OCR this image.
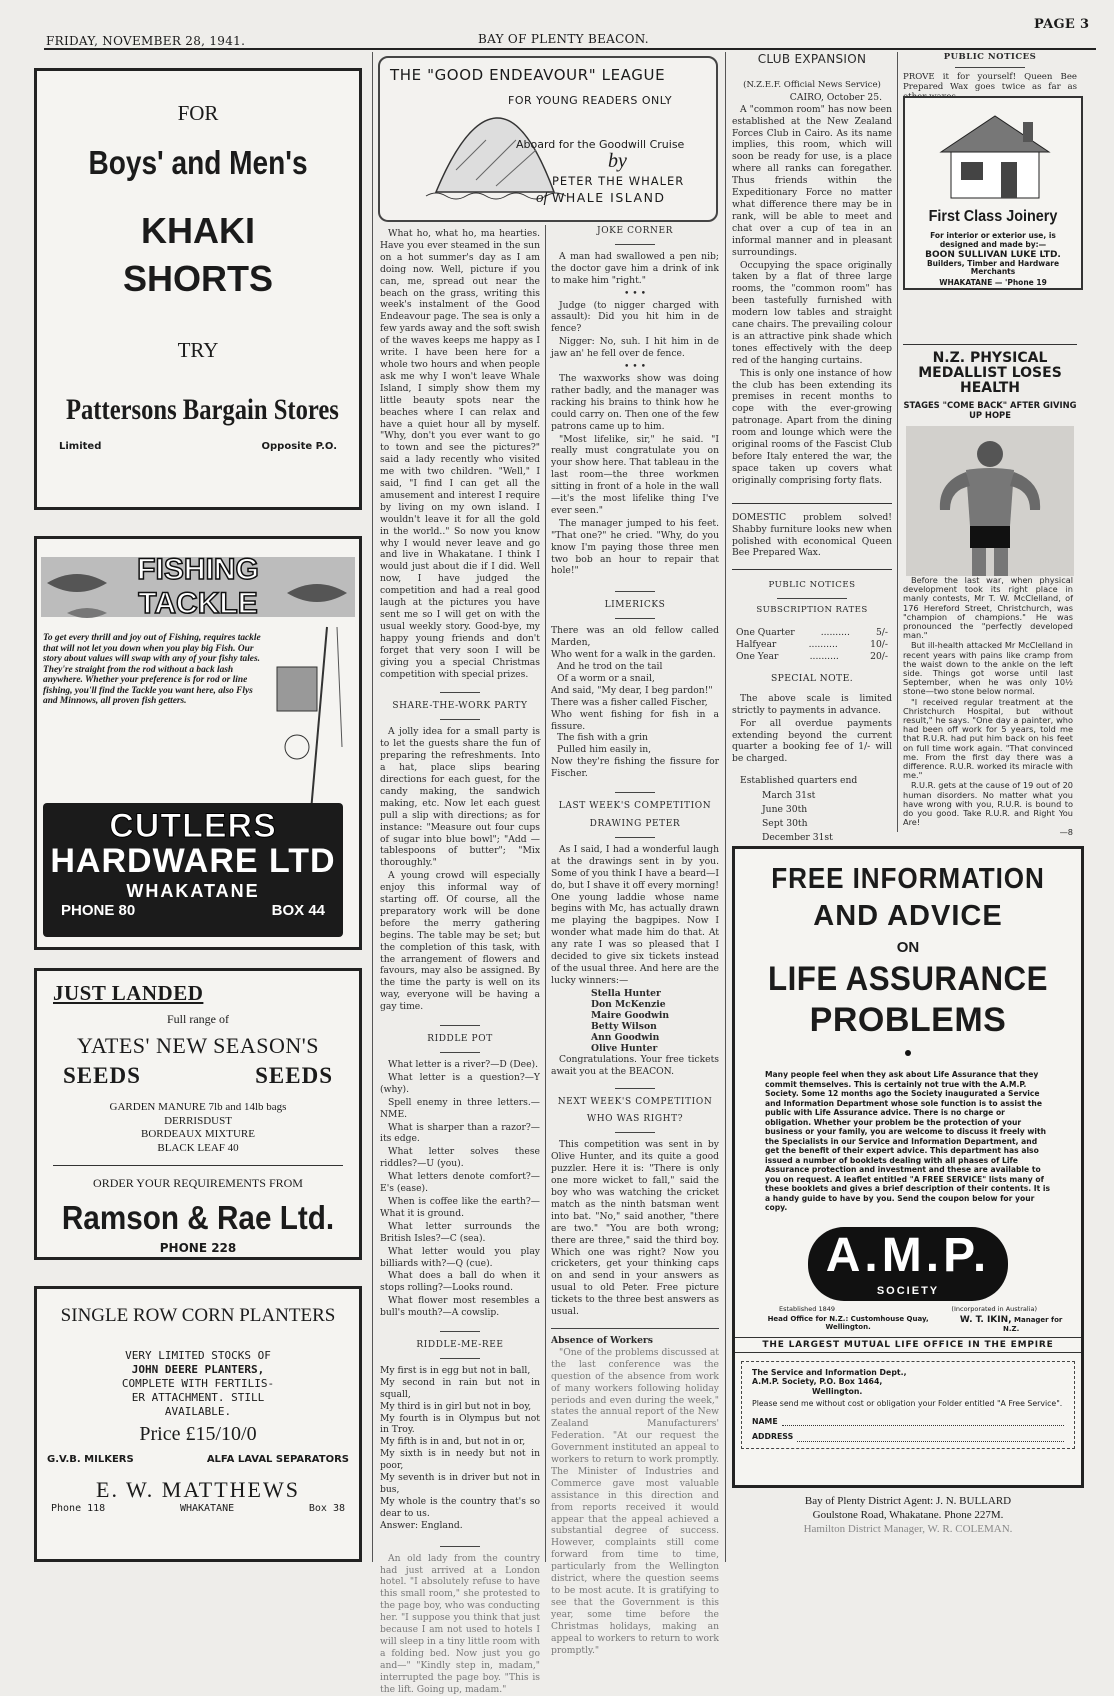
FRIDAY, NOVEMBER 28, 1941.	BAY OF PLENTY BEACON.
PAGE 3
FOR
Boys' and Men's
KHAKI
SHORTS
TRY
Pattersons Bargain Stores
Limited	Opposite P.O.
FISHING
TACKLE
To get every thrill and joy out of Fishing, requires tackle that will not let you down when you play big Fish. Our story about values will swap with any of your fishy tales. They're straight from the rod without a back lash anywhere. Whether your preference is for rod or line fishing, you'll find the Tackle you want here, also Flys and Minnows, all proven fish getters.
CUTLERS
HARDWARE LTD
WHAKATANE
PHONE 80	BOX 44
JUST LANDED
Full range of
YATES' NEW SEASON'S
SEEDS	SEEDS
GARDEN MANURE 7lb and 14lb bags
DERRISDUST
BORDEAUX MIXTURE
BLACK LEAF 40
ORDER YOUR REQUIREMENTS FROM
Ramson & Rae Ltd.
PHONE 228
SINGLE ROW CORN PLANTERS
VERY LIMITED STOCKS OF
JOHN DEERE PLANTERS,
COMPLETE WITH FERTILIS-
ER ATTACHMENT. STILL
AVAILABLE.
Price £15/10/0
G.V.B. MILKERS	ALFA LAVAL SEPARATORS
E. W. MATTHEWS
Phone 118	WHAKATANE	Box 38
THE "GOOD ENDEAVOUR" LEAGUE
FOR YOUNG READERS ONLY
Aboard for the Goodwill Cruise
by
PETER THE WHALER
of WHALE ISLAND

What ho, what ho, ma hearties. Have you ever steamed in the sun on a hot summer's day as I am doing now. Well, picture if you can, me, spread out near the beach on the grass, writing this week's instalment of the Good Endeavour page. The sea is only a few yards away and the soft swish of the waves keeps me happy as I write. I have been here for a whole two hours and when people ask me why I won't leave Whale Island, I simply show them my little beauty spots near the beaches where I can relax and have a quiet hour all by myself. "Why, don't you ever want to go to town and see the pictures?" said a lady recently who visited me with two children. "Well," I said, "I find I can get all the amusement and interest I require by living on my own island. I wouldn't leave it for all the gold in the world.." So now you know why I would never leave and go and live in Whakatane. I think I would just about die if I did. Well now, I have judged the competition and had a real good laugh at the pictures you have sent me so I will get on with the usual weekly story. Good-bye, my happy young friends and don't forget that very soon I will be giving you a special Christmas competition with special prizes.

SHARE-THE-WORK PARTY

A jolly idea for a small party is to let the guests share the fun of preparing the refreshments. Into a hat, place slips bearing directions for each guest, for the candy making, the sandwich making, etc. Now let each guest pull a slip with directions; as for instance: "Measure out four cups of sugar into blue bowl"; "Add — tablespoons of butter"; "Mix thoroughly."

A young crowd will especially enjoy this informal way of starting off. Of course, all the preparatory work will be done before the merry gathering begins. The table may be set; but the completion of this task, with the arrangement of flowers and favours, may also be assigned. By the time the party is well on its way, everyone will be having a gay time.

RIDDLE POT

What letter is a river?—D (Dee).

What letter is a question?—Y (why).

Spell enemy in three letters.—NME.

What is sharper than a razor?—its edge.

What letter solves these riddles?—U (you).

What letters denote comfort?—E's (ease).

When is coffee like the earth?—What it is ground.

What letter surrounds the British Isles?—C (sea).

What letter would you play billiards with?—Q (cue).

What does a ball do when it stops rolling?—Looks round.

What flower most resembles a bull's mouth?—A cowslip.

RIDDLE-ME-REE
My first is in egg but not in ball,
My second in rain but not in squall,
My third is in girl but not in boy,
My fourth is in Olympus but not in Troy.
My fifth is in and, but not in or,
My sixth is in needy but not in poor,
My seventh is in driver but not in bus,
My whole is the country that's so dear to us.
Answer: England.

An old lady from the country had just arrived at a London hotel. "I absolutely refuse to have this small room," she protested to the page boy, who was conducting her. "I suppose you think that just because I am not used to hotels I will sleep in a tiny little room with a folding bed. Now just you go and—" "Kindly step in, madam," interrupted the page boy. "This is the lift. Going up, madam."

JOKE CORNER

A man had swallowed a pen nib; the doctor gave him a drink of ink to make him "right."

• • •

Judge (to nigger charged with assault): Did you hit him in de fence?

Nigger: No, suh. I hit him in de jaw an' he fell over de fence.

• • •

The waxworks show was doing rather badly, and the manager was racking his brains to think how he could carry on. Then one of the few patrons came up to him.

"Most lifelike, sir," he said. "I really must congratulate you on your show here. That tableau in the last room—the three workmen sitting in front of a hole in the wall—it's the most lifelike thing I've ever seen."

The manager jumped to his feet. "That one?" he cried. "Why, do you know I'm paying those three men two bob an hour to repair that hole!"

LIMERICKS
There was an old fellow called Marden,
Who went for a walk in the garden.
And he trod on the tail
Of a worm or a snail,
And said, "My dear, I beg pardon!"
There was a fisher called Fischer,
Who went fishing for fish in a fissure.
The fish with a grin
Pulled him easily in,
Now they're fishing the fissure for Fischer.
LAST WEEK'S COMPETITION
DRAWING PETER

As I said, I had a wonderful laugh at the drawings sent in by you. Some of you think I have a beard—I do, but I shave it off every morning! One young laddie whose name begins with Mc, has actually drawn me playing the bagpipes. Now I wonder what made him do that. At any rate I was so pleased that I decided to give six tickets instead of the usual three. And here are the lucky winners:—

Stella Hunter
Don McKenzie
Maire Goodwin
Betty Wilson
Ann Goodwin
Olive Hunter

Congratulations. Your free tickets await you at the BEACON.

NEXT WEEK'S COMPETITION
WHO WAS RIGHT?

This competition was sent in by Olive Hunter, and its quite a good puzzler. Here it is: "There is only one more wicket to fall," said the boy who was watching the cricket match as the ninth batsman went into bat. "No," said another, "there are two." "You are both wrong; there are three," said the third boy. Which one was right? Now you cricketers, get your thinking caps on and send in your answers as usual to old Peter. Free picture tickets to the three best answers as usual.

Absence of Workers

"One of the problems discussed at the last conference was the question of the absence from work of many workers following holiday periods and even during the week," states the annual report of the New Zealand Manufacturers' Federation. "At our request the Government instituted an appeal to workers to return to work promptly. The Minister of Industries and Commerce gave most valuable assistance in this direction and from reports received it would appear that the appeal achieved a substantial degree of success. However, complaints still come forward from time to time, particularly from the Wellington district, where the question seems to be most acute. It is gratifying to see that the Government is this year, some time before the Christmas holidays, making an appeal to workers to return to work promptly."

CLUB EXPANSION
(N.Z.E.F. Official News Service)
CAIRO, October 25.

A "common room" has now been established at the New Zealand Forces Club in Cairo. As its name implies, this room, which will soon be ready for use, is a place where all ranks can foregather. Thus friends within the Expeditionary Force no matter what difference there may be in rank, will be able to meet and chat over a cup of tea in an informal manner and in pleasant surroundings.

Occupying the space originally taken by a flat of three large rooms, the "common room" has been tastefully furnished with modern low tables and straight cane chairs. The prevailing colour is an attractive pink shade which tones effectively with the deep red of the hanging curtains.

This is only one instance of how the club has been extending its premises in recent months to cope with the ever-growing patronage. Apart from the dining room and lounge which were the original rooms of the Fascist Club before Italy entered the war, the space taken up covers what originally comprising forty flats.

DOMESTIC problem solved! Shabby furniture looks new when polished with economical Queen Bee Prepared Wax.

PUBLIC NOTICES
SUBSCRIPTION RATES
One Quarter	..........	5/-
Halfyear	..........	10/-
One Year	..........	20/-
SPECIAL NOTE.

The above scale is limited strictly to payments in advance.

For all overdue payments extending beyond the current quarter a booking fee of 1/- will be charged.

Established quarters end
March 31st
June 30th
Sept 30th
December 31st
PUBLIC NOTICES

PROVE it for yourself! Queen Bee Prepared Wax goes twice as far as

First Class Joinery
For interior or exterior use, is
designed and made by:—
BOON SULLIVAN LUKE LTD.
Builders, Timber and Hardware
Merchants
WHAKATANE — 'Phone 19
N.Z. PHYSICAL
MEDALLIST LOSES
HEALTH
STAGES "COME BACK" AFTER GIVING UP HOPE

Before the last war, when physical development took its right place in manly contests, Mr T. W. McClelland, of 176 Hereford Street, Christchurch, was "champion of champions." He was pronounced the "perfectly developed man."

But ill-health attacked Mr McClelland in recent years with pains like cramp from the waist down to the ankle on the left side. Things got worse until last September, when he was only 10½ stone—two stone below normal.

"I received regular treatment at the Christchurch Hospital, but without result," he says. "One day a painter, who had been off work for 5 years, told me that R.U.R. had put him back on his feet on full time work again. "That convinced me. From the first day there was a difference. R.U.R. worked its miracle with me."

R.U.R. gets at the cause of 19 out of 20 human disorders. No matter what you have wrong with you, R.U.R. is bound to do you good. Take R.U.R. and Right You Are!

—8
FREE INFORMATION
AND ADVICE
ON
LIFE ASSURANCE
PROBLEMS
Many people feel when they ask about Life Assurance that they commit themselves. This is certainly not true with the A.M.P. Society. Some 12 months ago the Society inaugurated a Service and Information Department whose sole function is to assist the public with Life Assurance advice. There is no charge or obligation. Whether your problem be the protection of your business or your family, you are welcome to discuss it freely with the Specialists in our Service and Information Department, and get the benefit of their expert advice. This department has also issued a number of booklets dealing with all phases of Life Assurance protection and investment and these are available to you on request. A leaflet entitled "A FREE SERVICE" lists many of these booklets and gives a brief description of their contents. It is a handy guide to have by you. Send the coupon below for your copy.
A.M.P.
SOCIETY
Established 1849	(Incorporated in Australia)
Head Office for N.Z.: Customhouse Quay, Wellington.
W. T. IKIN, Manager for N.Z.
THE LARGEST MUTUAL LIFE OFFICE IN THE EMPIRE
The Service and Information Dept.,
A.M.P. Society, P.O. Box 1464,
Wellington.
Please send me without cost or obligation your Folder entitled "A Free Service".
NAME
ADDRESS
Bay of Plenty District Agent: J. N. BULLARD
Goulstone Road, Whakatane. Phone 227M.
Hamilton District Manager, W. R. COLEMAN.
